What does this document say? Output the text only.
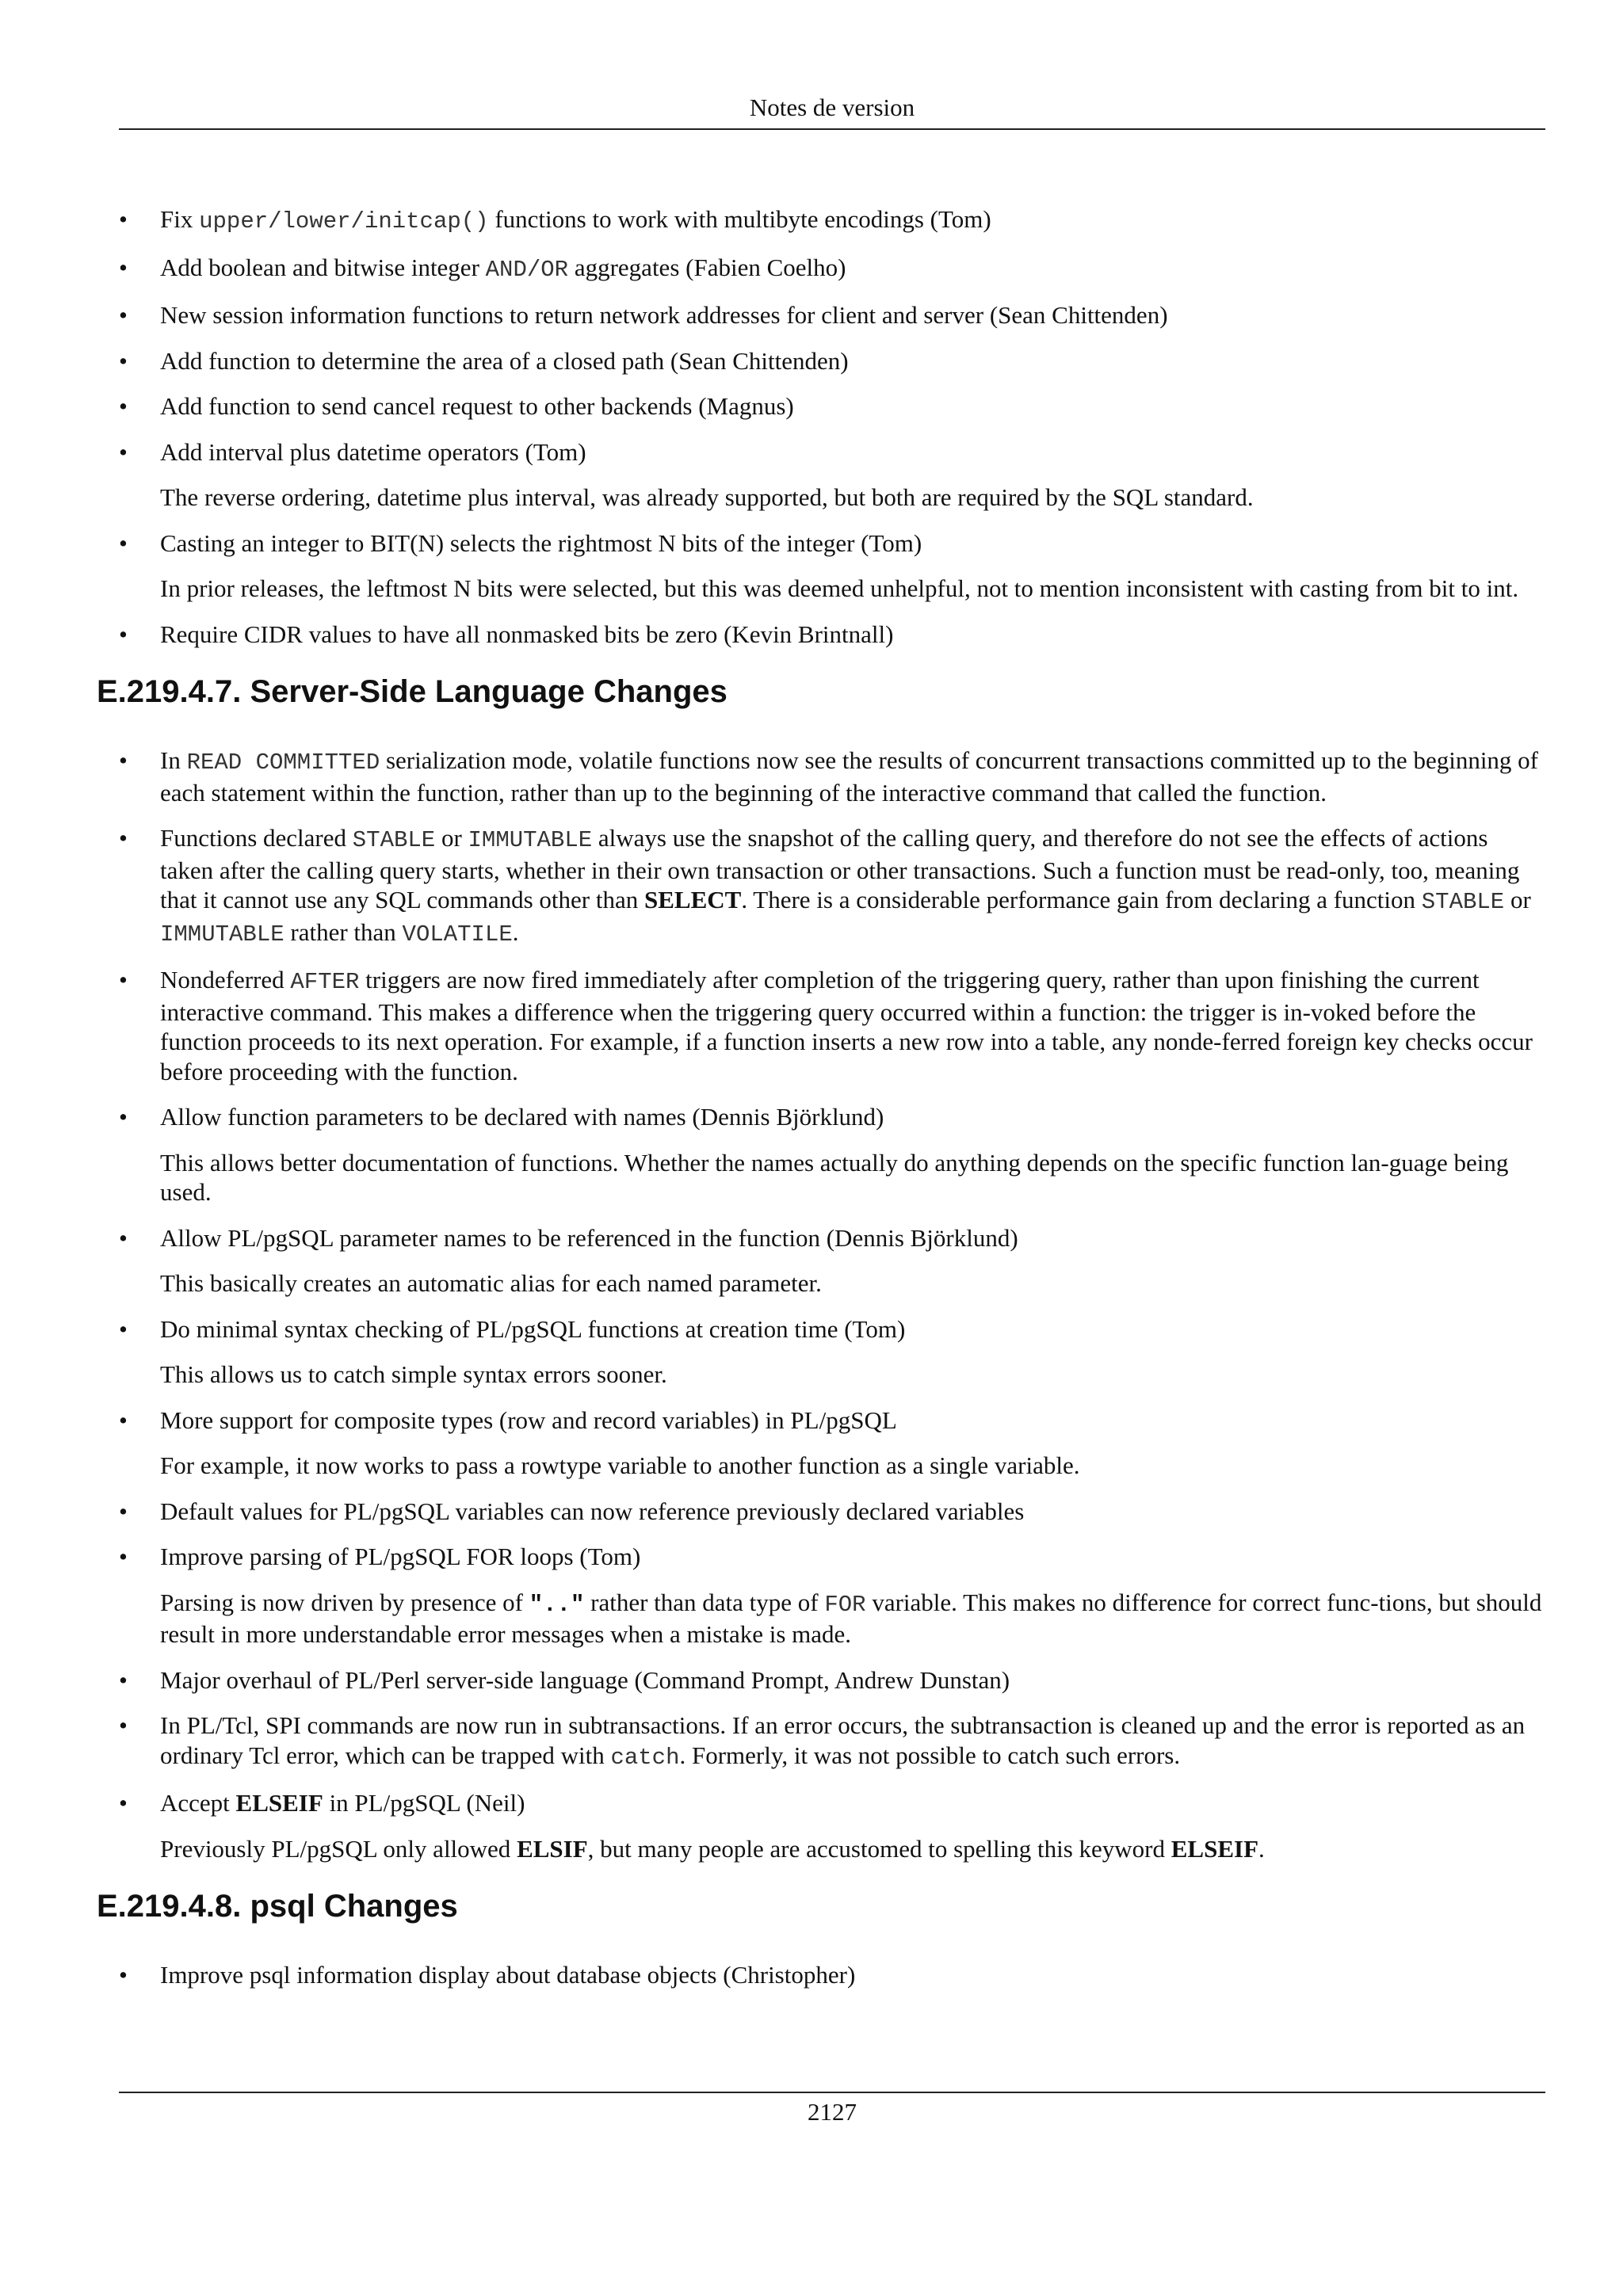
Notes de version
•	Fix upper/lower/initcap() functions to work with multibyte encodings (Tom)
•	Add boolean and bitwise integer AND/OR aggregates (Fabien Coelho)
•	New session information functions to return network addresses for client and server (Sean Chittenden)
•	Add function to determine the area of a closed path (Sean Chittenden)
•	Add function to send cancel request to other backends (Magnus)
•	Add interval plus datetime operators (Tom)
The reverse ordering, datetime plus interval, was already supported, but both are required by the SQL standard.
•	Casting an integer to BIT(N) selects the rightmost N bits of the integer (Tom)
In prior releases, the leftmost N bits were selected, but this was deemed unhelpful, not to mention inconsistent with casting from bit to int.
•	Require CIDR values to have all nonmasked bits be zero (Kevin Brintnall)
E.219.4.7. Server-Side Language Changes
•	In READ COMMITTED serialization mode, volatile functions now see the results of concurrent transactions committed up to the beginning of each statement within the function, rather than up to the beginning of the interactive command that called the function.
•	Functions declared STABLE or IMMUTABLE always use the snapshot of the calling query, and therefore do not see the effects of actions taken after the calling query starts, whether in their own transaction or other transactions. Such a function must be read-only, too, meaning that it cannot use any SQL commands other than SELECT. There is a considerable performance gain from declaring a function STABLE or IMMUTABLE rather than VOLATILE.
•	Nondeferred AFTER triggers are now fired immediately after completion of the triggering query, rather than upon finishing the current interactive command. This makes a difference when the triggering query occurred within a function: the trigger is in-voked before the function proceeds to its next operation. For example, if a function inserts a new row into a table, any nonde-ferred foreign key checks occur before proceeding with the function.
•	Allow function parameters to be declared with names (Dennis Björklund)
This allows better documentation of functions. Whether the names actually do anything depends on the specific function lan-guage being used.
•	Allow PL/pgSQL parameter names to be referenced in the function (Dennis Björklund)
This basically creates an automatic alias for each named parameter.
•	Do minimal syntax checking of PL/pgSQL functions at creation time (Tom)
This allows us to catch simple syntax errors sooner.
•	More support for composite types (row and record variables) in PL/pgSQL
For example, it now works to pass a rowtype variable to another function as a single variable.
•	Default values for PL/pgSQL variables can now reference previously declared variables
•	Improve parsing of PL/pgSQL FOR loops (Tom)
Parsing is now driven by presence of ".." rather than data type of FOR variable. This makes no difference for correct func-tions, but should result in more understandable error messages when a mistake is made.
•	Major overhaul of PL/Perl server-side language (Command Prompt, Andrew Dunstan)
•	In PL/Tcl, SPI commands are now run in subtransactions. If an error occurs, the subtransaction is cleaned up and the error is reported as an ordinary Tcl error, which can be trapped with catch. Formerly, it was not possible to catch such errors.
•	Accept ELSEIF in PL/pgSQL (Neil)
Previously PL/pgSQL only allowed ELSIF, but many people are accustomed to spelling this keyword ELSEIF.
E.219.4.8. psql Changes
•	Improve psql information display about database objects (Christopher)
2127
